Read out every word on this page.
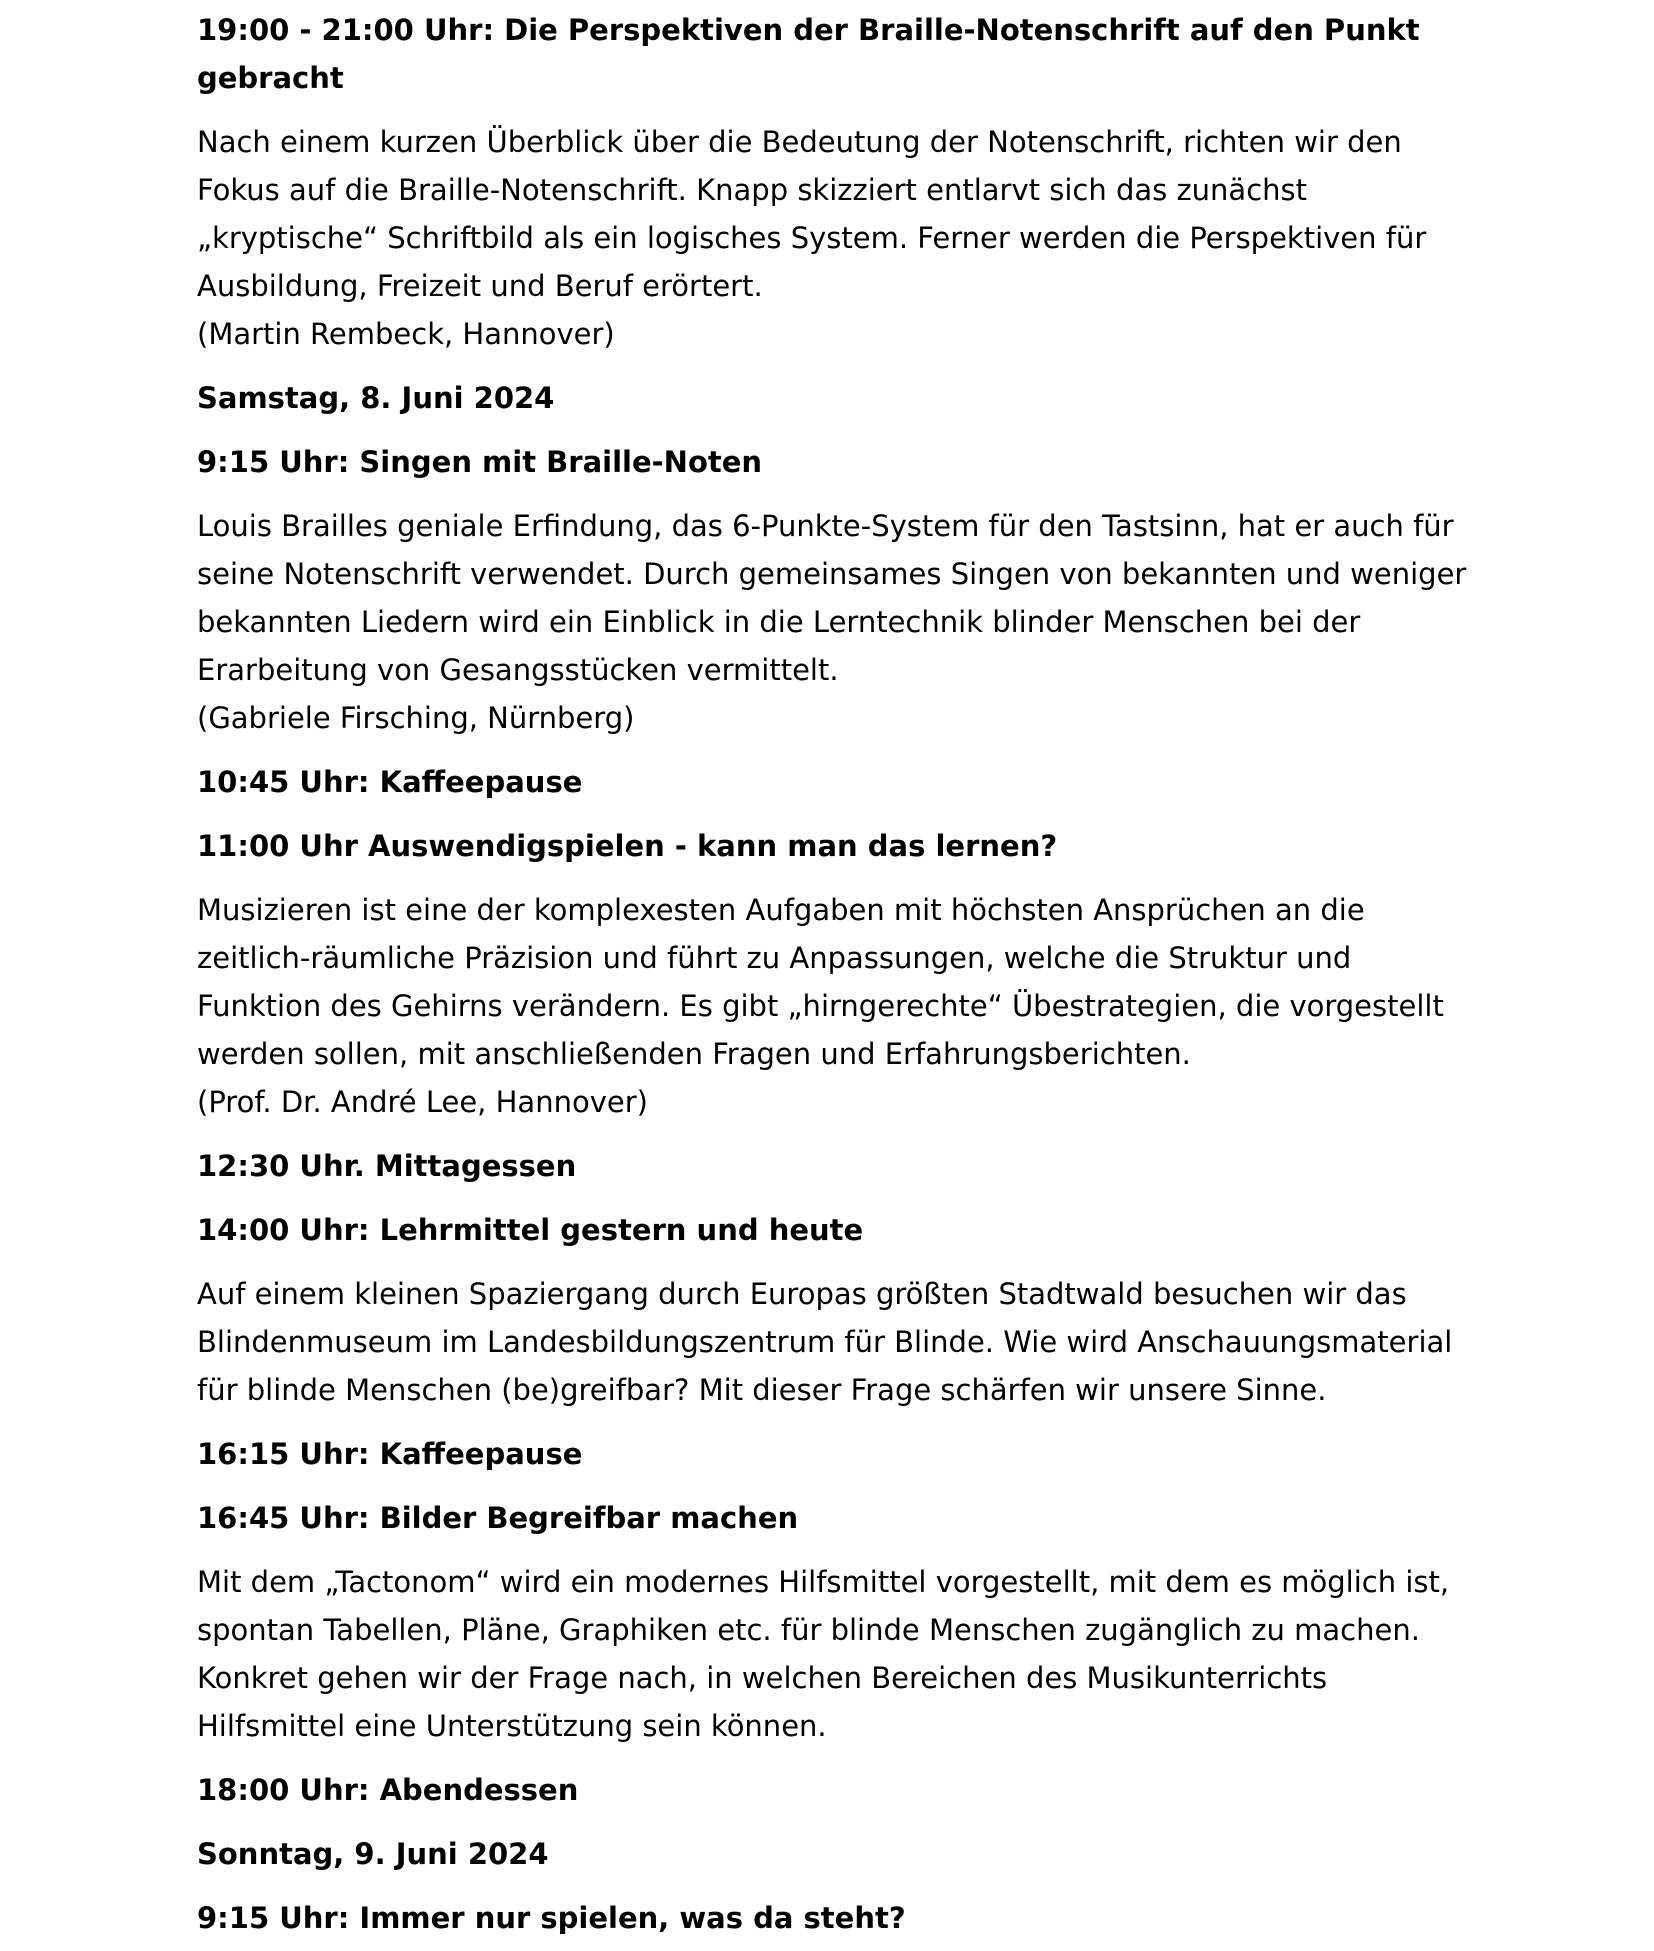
19:00 - 21:00 Uhr: Die Perspektiven der Braille-Notenschrift auf den Punkt
gebracht
Nach einem kurzen Überblick über die Bedeutung der Notenschrift, richten wir den
Fokus auf die Braille-Notenschrift. Knapp skizziert entlarvt sich das zunächst
„kryptische“ Schriftbild als ein logisches System. Ferner werden die Perspektiven für
Ausbildung, Freizeit und Beruf erörtert.
(Martin Rembeck, Hannover)
Samstag, 8. Juni 2024
9:15 Uhr: Singen mit Braille-Noten
Louis Brailles geniale Erfindung, das 6-Punkte-System für den Tastsinn, hat er auch für
seine Notenschrift verwendet. Durch gemeinsames Singen von bekannten und weniger
bekannten Liedern wird ein Einblick in die Lerntechnik blinder Menschen bei der
Erarbeitung von Gesangsstücken vermittelt.
(Gabriele Firsching, Nürnberg)
10:45 Uhr: Kaffeepause
11:00 Uhr Auswendigspielen - kann man das lernen?
Musizieren ist eine der komplexesten Aufgaben mit höchsten Ansprüchen an die
zeitlich-räumliche Präzision und führt zu Anpassungen, welche die Struktur und
Funktion des Gehirns verändern. Es gibt „hirngerechte“ Übestrategien, die vorgestellt
werden sollen, mit anschließenden Fragen und Erfahrungsberichten.
(Prof. Dr. André Lee, Hannover)
12:30 Uhr. Mittagessen
14:00 Uhr: Lehrmittel gestern und heute
Auf einem kleinen Spaziergang durch Europas größten Stadtwald besuchen wir das
Blindenmuseum im Landesbildungszentrum für Blinde. Wie wird Anschauungsmaterial
für blinde Menschen (be)greifbar? Mit dieser Frage schärfen wir unsere Sinne.
16:15 Uhr: Kaffeepause
16:45 Uhr: Bilder Begreifbar machen
Mit dem „Tactonom“ wird ein modernes Hilfsmittel vorgestellt, mit dem es möglich ist,
spontan Tabellen, Pläne, Graphiken etc. für blinde Menschen zugänglich zu machen.
Konkret gehen wir der Frage nach, in welchen Bereichen des Musikunterrichts
Hilfsmittel eine Unterstützung sein können.
18:00 Uhr: Abendessen
Sonntag, 9. Juni 2024
9:15 Uhr: Immer nur spielen, was da steht?
